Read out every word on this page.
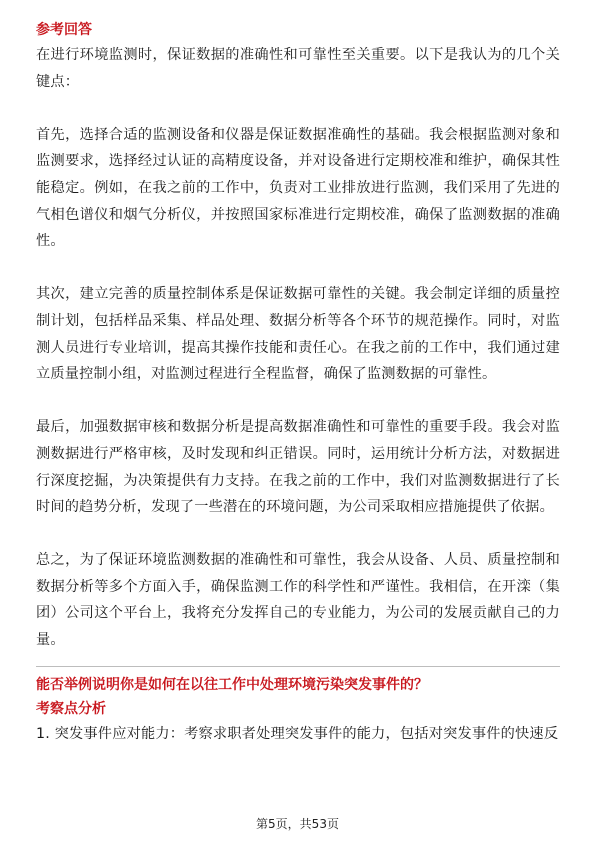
参考回答

在进行环境监测时，保证数据的准确性和可靠性至关重要。以下是我认为的几个关键点：

首先，选择合适的监测设备和仪器是保证数据准确性的基础。我会根据监测对象和监测要求，选择经过认证的高精度设备，并对设备进行定期校准和维护，确保其性能稳定。例如，在我之前的工作中，负责对工业排放进行监测，我们采用了先进的气相色谱仪和烟气分析仪，并按照国家标准进行定期校准，确保了监测数据的准确性。

其次，建立完善的质量控制体系是保证数据可靠性的关键。我会制定详细的质量控制计划，包括样品采集、样品处理、数据分析等各个环节的规范操作。同时，对监测人员进行专业培训，提高其操作技能和责任心。在我之前的工作中，我们通过建立质量控制小组，对监测过程进行全程监督，确保了监测数据的可靠性。

最后，加强数据审核和数据分析是提高数据准确性和可靠性的重要手段。我会对监测数据进行严格审核，及时发现和纠正错误。同时，运用统计分析方法，对数据进行深度挖掘，为决策提供有力支持。在我之前的工作中，我们对监测数据进行了长时间的趋势分析，发现了一些潜在的环境问题，为公司采取相应措施提供了依据。

总之，为了保证环境监测数据的准确性和可靠性，我会从设备、人员、质量控制和数据分析等多个方面入手，确保监测工作的科学性和严谨性。我相信，在开滦（集团）公司这个平台上，我将充分发挥自己的专业能力，为公司的发展贡献自己的力量。

能否举例说明你是如何在以往工作中处理环境污染突发事件的？

考察点分析

1. 突发事件应对能力：考察求职者处理突发事件的能力，包括对突发事件的快速反

第5页，共53页
